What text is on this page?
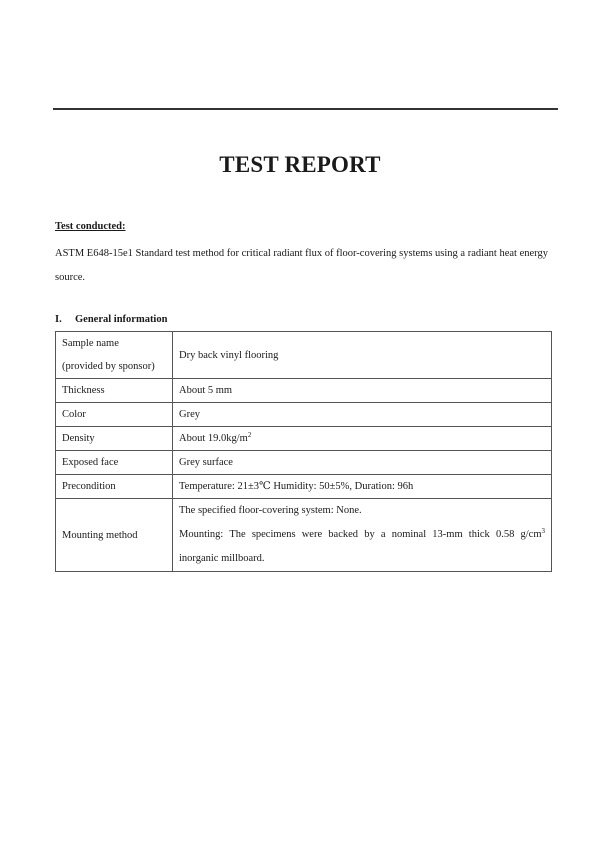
TEST REPORT
Test conducted:
ASTM E648-15e1 Standard test method for critical radiant flux of floor-covering systems using a radiant heat energy source.
I. General information
Sample name
(provided by sponsor)	Dry back vinyl flooring
Thickness	About 5 mm
Color	Grey
Density	About $19.0kg/m^2$
Exposed face	Grey surface
Precondition	Temperature: 21±3℃ Humidity: 50±5%, Duration: 96h
Mounting method	The specified floor-covering system: None.
Mounting: The specimens were backed by a nominal 13-mm thick 0.58 $g/cm^3$
inorganic millboard.
